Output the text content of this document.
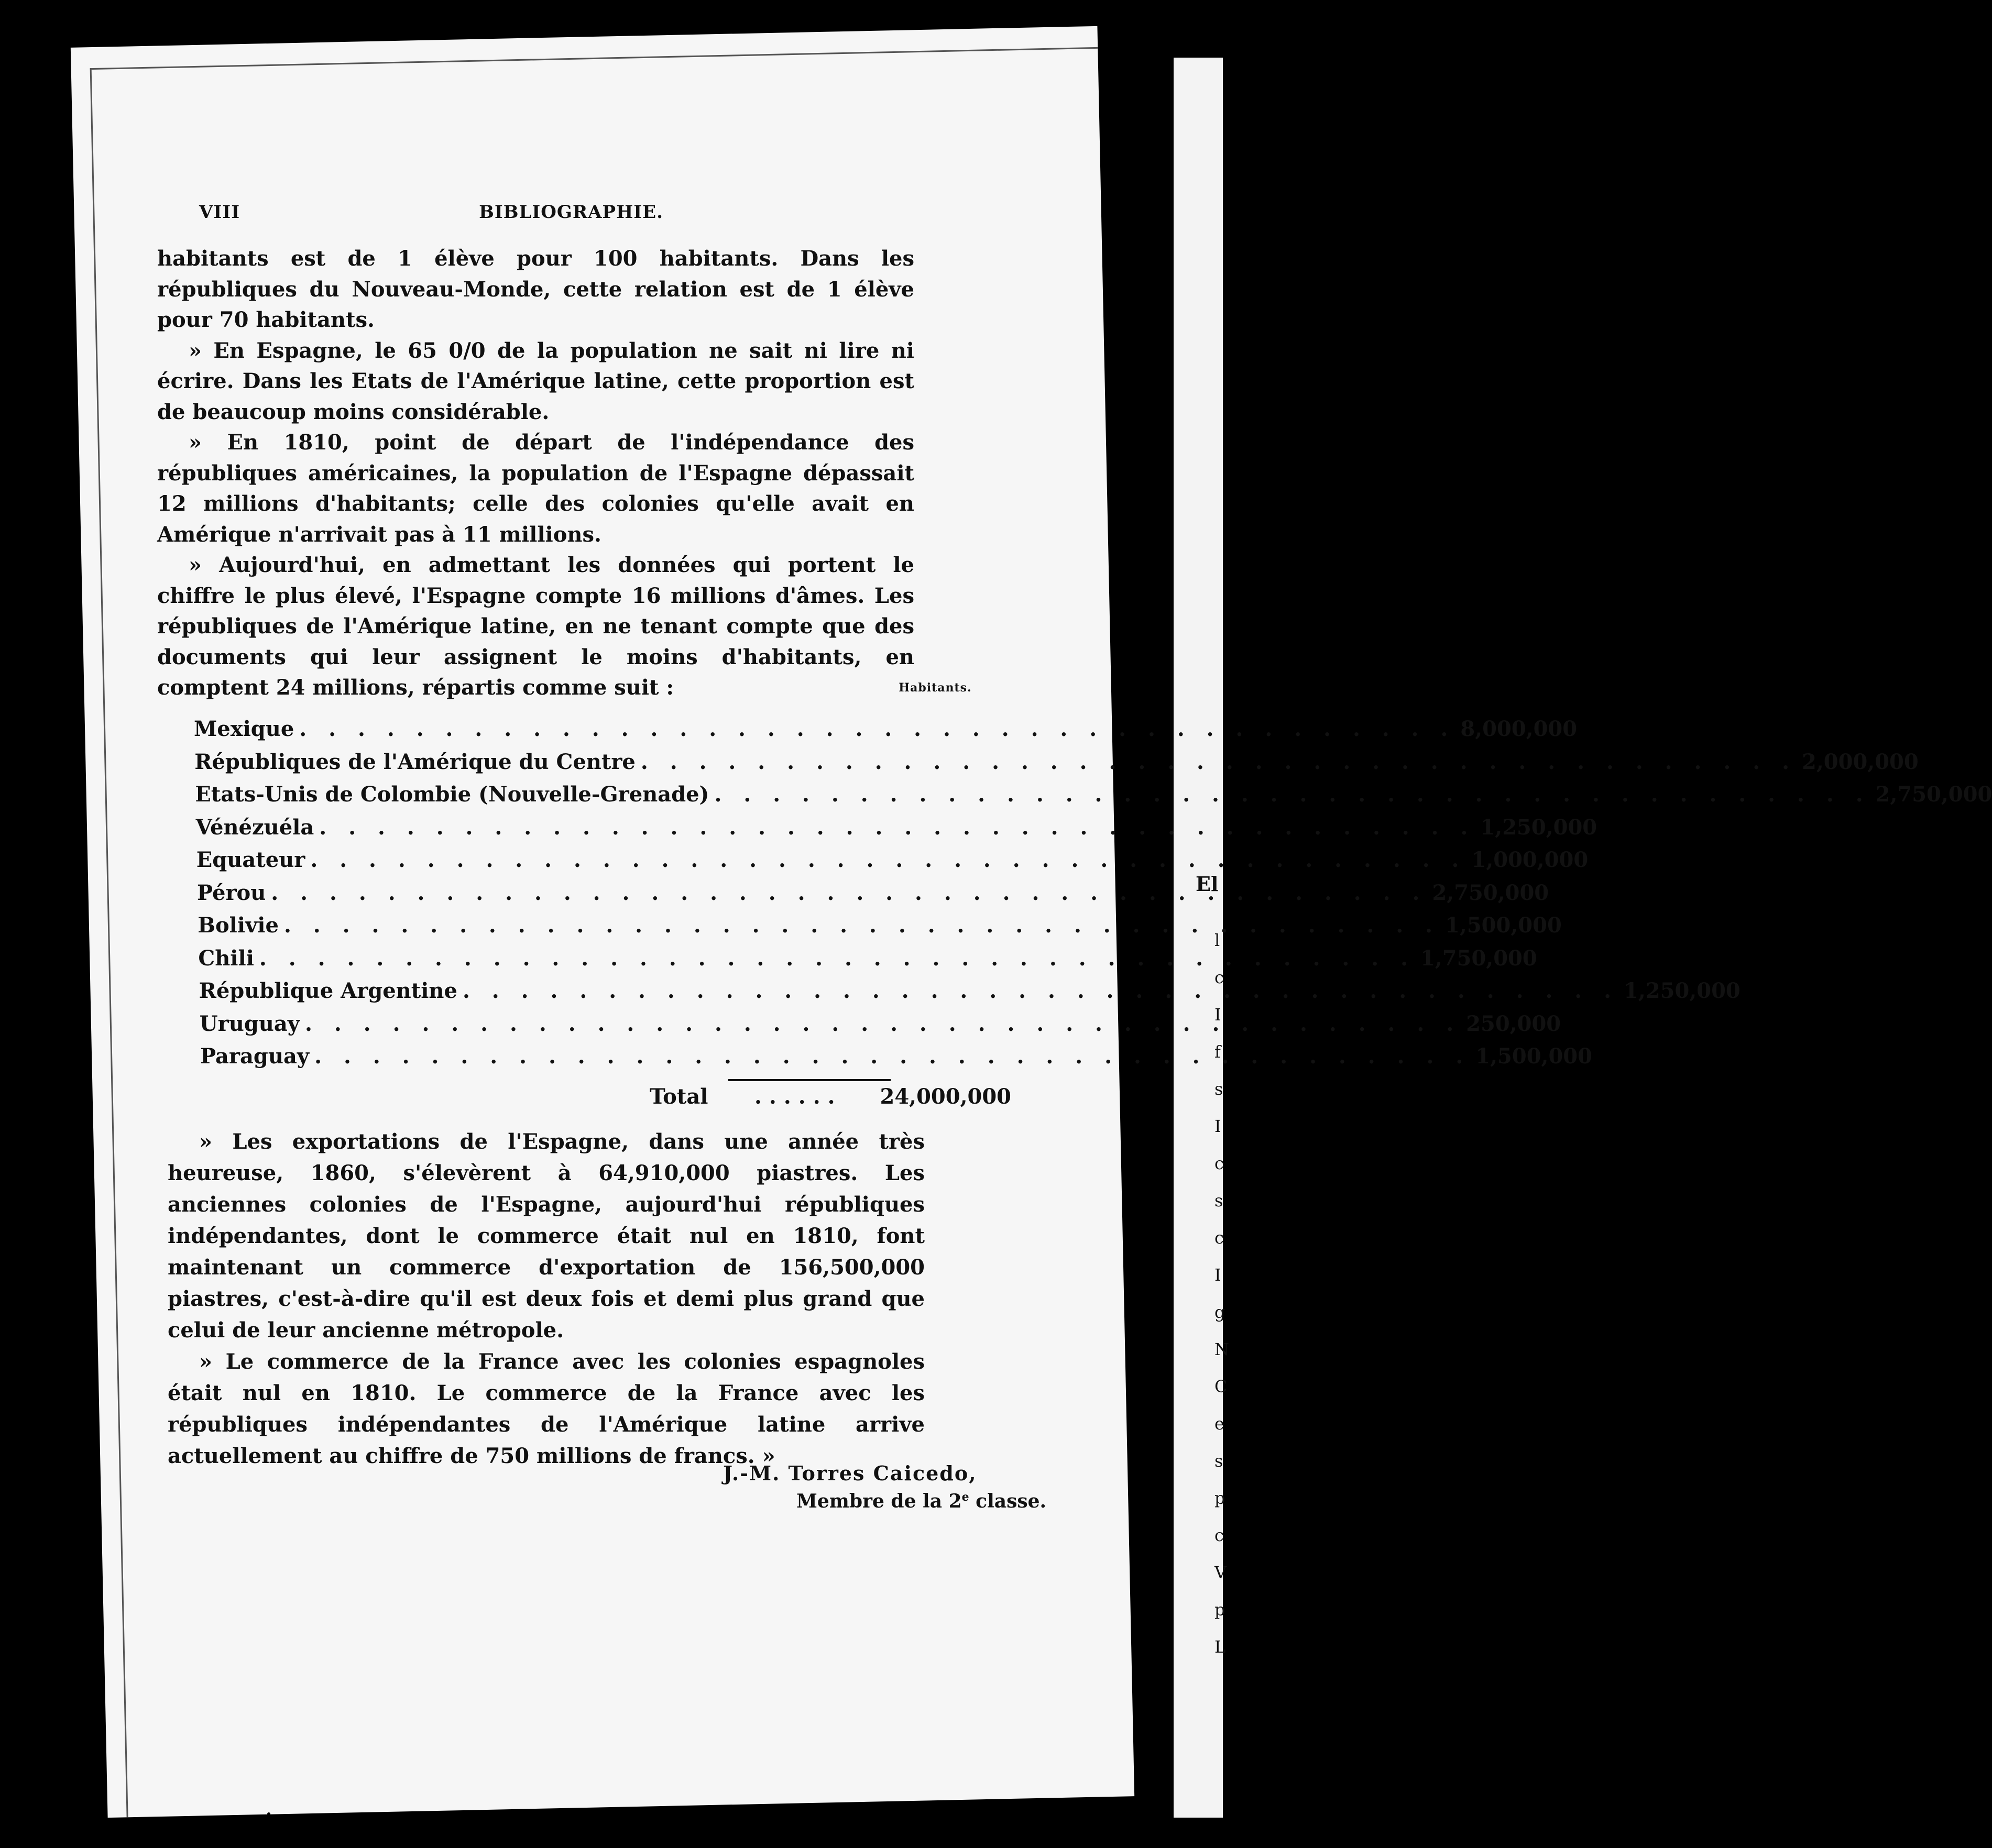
El
l
c
I
f
s
I
c
s
c
I
g
N
C
e
s
p
c
V
p
L
VIII	BIBLIOGRAPHIE.

habitants est de 1 élève pour 100 habitants. Dans les républiques du Nouveau-Monde, cette relation est de 1 élève pour 70 habitants.

» En Espagne, le 65 0/0 de la population ne sait ni lire ni écrire. Dans les Etats de l'Amérique latine, cette proportion est de beaucoup moins considérable.

» En 1810, point de départ de l'indépendance des républiques américaines, la population de l'Espagne dépassait 12 millions d'habitants; celle des colonies qu'elle avait en Amérique n'arrivait pas à 11 millions.

» Aujourd'hui, en admettant les données qui portent le chiffre le plus élevé, l'Espagne compte 16 millions d'âmes. Les républiques de l'Amérique latine, en ne tenant compte que des documents qui leur assignent le moins d'habitants, en comptent 24 millions, répartis comme suit :	Habitants.
Mexique . . .	8,000,000
Républiques de l'Amérique du Centre . . .	2,000,000
Etats-Unis de Colombie (Nouvelle-Grenade) . . .	2,750,000
Vénézuéla . . .	1,250,000
Equateur . . .	1,000,000
Pérou . . .	2,750,000
Bolivie . . .	1,500,000
Chili . . .	1,750,000
République Argentine . . .	1,250,000
Uruguay . . .	250,000
Paraguay . . .	1,500,000
Total	......	24,000,000

» Les exportations de l'Espagne, dans une année très heureuse, 1860, s'élevèrent à 64,910,000 piastres. Les anciennes colonies de l'Espagne, aujourd'hui républiques indépendantes, dont le commerce était nul en 1810, font maintenant un commerce d'exportation de 156,500,000 piastres, c'est-à-dire qu'il est deux fois et demi plus grand que celui de leur ancienne métropole.

» Le commerce de la France avec les colonies espagnoles était nul en 1810. Le commerce de la France avec les républiques indépendantes de l'Amérique latine arrive actuellement au chiffre de 750 millions de francs. »

J.-M. Torres Caicedo,
Membre de la 2e classe.
